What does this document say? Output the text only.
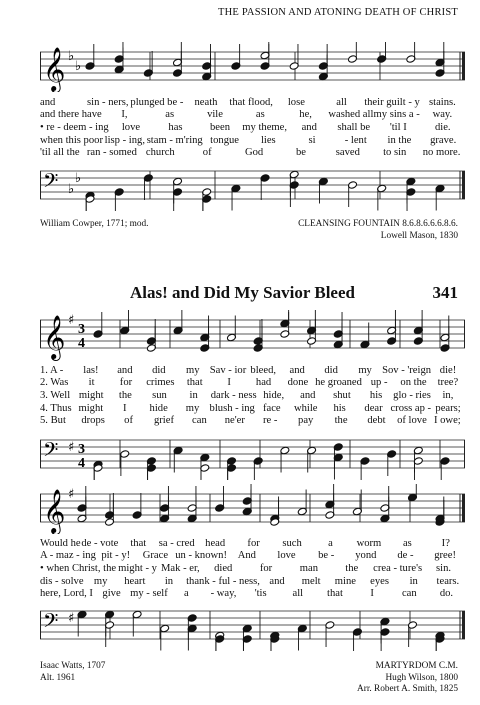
THE PASSION AND ATONING DEATH OF CHRIST
𝄞 ♭
♭
and	sin - ners, plunged be -	neath	that flood,	lose	all	their guilt - y stains.
and there have	I,	as	vile	as	he,	washed all my sins a -	way.
• re - deem - ing	love	has	been	my theme,	and	shall be	'til I	die.
when this poor lisp - ing, stam - m'ring tongue	lies	si	- lent	in the	grave.
'til all the ran - somed church	of	God	be	saved	to sin	no more.
𝄢 ♭
♭
William Cowper, 1771; mod.	CLEANSING FOUNTAIN 8.6.8.6.6.6.8.6.
Lowell Mason, 1830
Alas! and Did My Savior Bleed	341
𝄞 ♯
3
4
1. A -	las!	and	did	my Sav - ior bleed,	and	did	my Sov - 'reign die!
2. Was	it	for	crimes	that	I	had	done he groaned up -	on the	tree?
3. Well might	the	sun	in	dark - ness hide,	and	shut	his	glo - ries	in,
4. Thus might	I	hide	my blush - ing face	while	his	dear cross ap - pears;
5. But	drops	of	grief	can	ne'er	re -	pay	the	debt	of love I owe;
𝄢 ♯ 3
4
𝄞 ♯
Would he de - vote	that	sa - cred head	for	such	a	worm	as	I?
A - maz - ing pit - y!	Grace un - known!	And	love	be -	yond	de -	gree!
• when Christ, the might - y Mak - er,	died	for	man	the	crea - ture's	sin.
dis - solve my	heart	in	thank - ful - ness, and	melt	mine	eyes	in	tears.
here, Lord, I give my - self	a	- way,	'tis	all	that	I	can	do.
𝄢 ♯
Isaac Watts, 1707
Alt. 1961
MARTYRDOM C.M.
Hugh Wilson, 1800
Arr. Robert A. Smith, 1825
